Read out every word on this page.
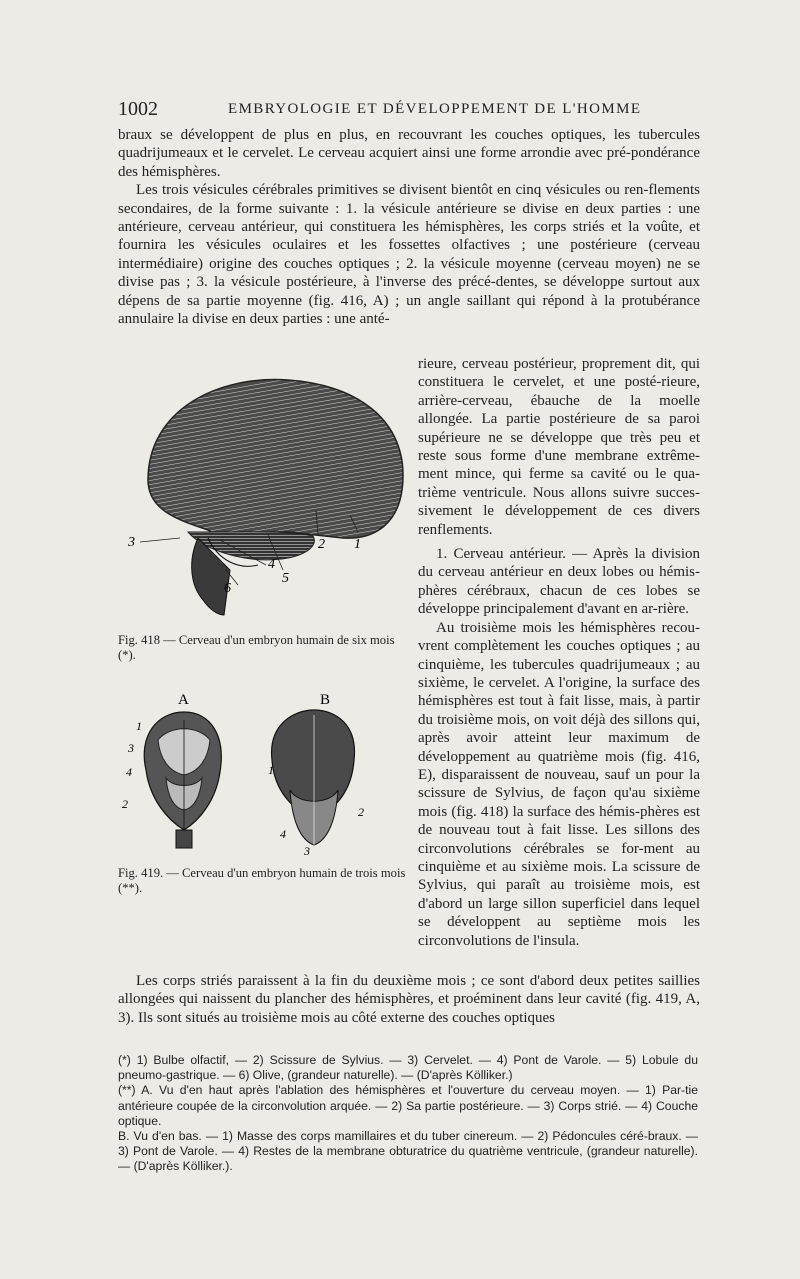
1002	EMBRYOLOGIE ET DÉVELOPPEMENT DE L'HOMME

braux se développent de plus en plus, en recouvrant les couches optiques, les tubercules quadrijumeaux et le cervelet. Le cerveau acquiert ainsi une forme arrondie avec pré-pondérance des hémisphères.

Les trois vésicules cérébrales primitives se divisent bientôt en cinq vésicules ou ren-flements secondaires, de la forme suivante : 1. la vésicule antérieure se divise en deux parties : une antérieure, cerveau antérieur, qui constituera les hémisphères, les corps striés et la voûte, et fournira les vésicules oculaires et les fossettes olfactives ; une postérieure (cerveau intermédiaire) origine des couches optiques ; 2. la vésicule moyenne (cerveau moyen) ne se divise pas ; 3. la vésicule postérieure, à l'inverse des précé-dentes, se développe surtout aux dépens de sa partie moyenne (fig. 416, A) ; un angle saillant qui répond à la protubérance annulaire la divise en deux parties : une anté-

rieure, cerveau postérieur, proprement dit, qui constituera le cervelet, et une posté-rieure, arrière-cerveau, ébauche de la moelle allongée. La partie postérieure de sa paroi supérieure ne se développe que très peu et reste sous forme d'une membrane extrême-ment mince, qui ferme sa cavité ou le qua-trième ventricule. Nous allons suivre succes-sivement le développement de ces divers renflements.

1. Cerveau antérieur. — Après la division du cerveau antérieur en deux lobes ou hémis-phères cérébraux, chacun de ces lobes se développe principalement d'avant en ar-rière.

Au troisième mois les hémisphères recou-vrent complètement les couches optiques ; au cinquième, les tubercules quadrijumeaux ; au sixième, le cervelet. A l'origine, la surface des hémisphères est tout à fait lisse, mais, à partir du troisième mois, on voit déjà des sillons qui, après avoir atteint leur maximum de développement au quatrième mois (fig. 416, E), disparaissent de nouveau, sauf un pour la scissure de Sylvius, de façon qu'au sixième mois (fig. 418) la surface des hémis-phères est de nouveau tout à fait lisse. Les sillons des circonvolutions cérébrales se for-ment au cinquième et au sixième mois. La scissure de Sylvius, qui paraît au troisième mois, est d'abord un large sillon superficiel dans lequel se développent au septième mois les circonvolutions de l'insula.

1
2
3
4
5
6
Fig. 418 — Cerveau d'un embryon humain de six mois (*).
A	B
1
2
3
4	1
2
3
4
Fig. 419. — Cerveau d'un embryon humain de trois mois (**).

Les corps striés paraissent à la fin du deuxième mois ; ce sont d'abord deux petites saillies allongées qui naissent du plancher des hémisphères, et proéminent dans leur cavité (fig. 419, A, 3). Ils sont situés au troisième mois au côté externe des couches optiques

(*) 1) Bulbe olfactif, — 2) Scissure de Sylvius. — 3) Cervelet. — 4) Pont de Varole. — 5) Lobule du pneumo-gastrique. — 6) Olive, (grandeur naturelle). — (D'après Kölliker.)

(**) A. Vu d'en haut après l'ablation des hémisphères et l'ouverture du cerveau moyen. — 1) Par-tie antérieure coupée de la circonvolution arquée. — 2) Sa partie postérieure. — 3) Corps strié. — 4) Couche optique.

B. Vu d'en bas. — 1) Masse des corps mamillaires et du tuber cinereum. — 2) Pédoncules céré-braux. — 3) Pont de Varole. — 4) Restes de la membrane obturatrice du quatrième ventricule, (grandeur naturelle). — (D'après Kölliker.).
